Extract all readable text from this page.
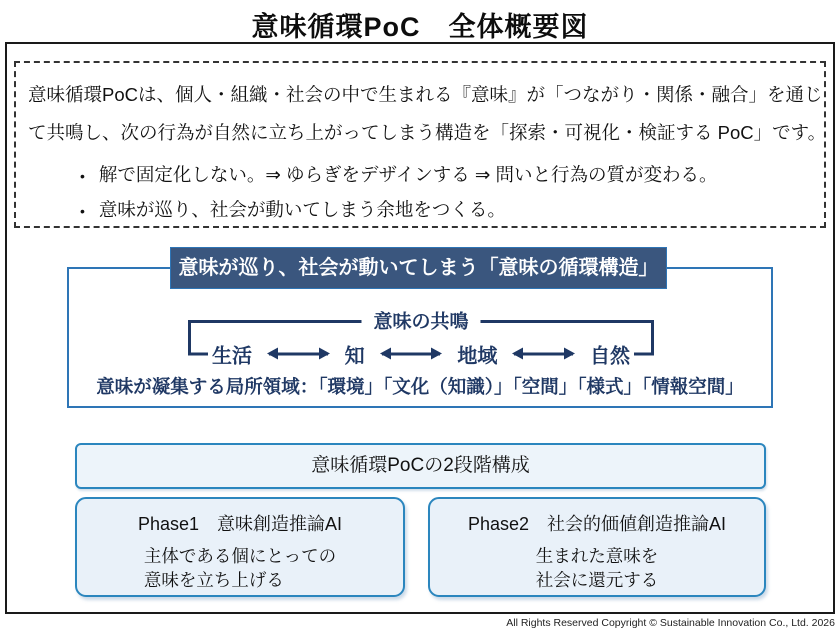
意味循環PoC　全体概要図
意味循環PoCは、個人・組織・社会の中で生まれる『意味』が「つながり・関係・融合」を通じ
て共鳴し、次の行為が自然に立ち上がってしまう構造を「探索・可視化・検証する PoC」です。
• 解で固定化しない。⇒ ゆらぎをデザインする ⇒ 問いと行為の質が変わる。
• 意味が巡り、社会が動いてしまう余地をつくる。
意味の共鳴
生活	知	地域	自然
意味が凝集する局所領域：「環境」「文化（知識）」「空間」「様式」「情報空間」
意味が巡り、社会が動いてしまう「意味の循環構造」
意味循環PoCの2段階構成
Phase1　意味創造推論AI
主体である個にとっての
意味を立ち上げる
Phase2　社会的価値創造推論AI
生まれた意味を
社会に還元する
All Rights Reserved Copyright © Sustainable Innovation Co., Ltd. 2026
